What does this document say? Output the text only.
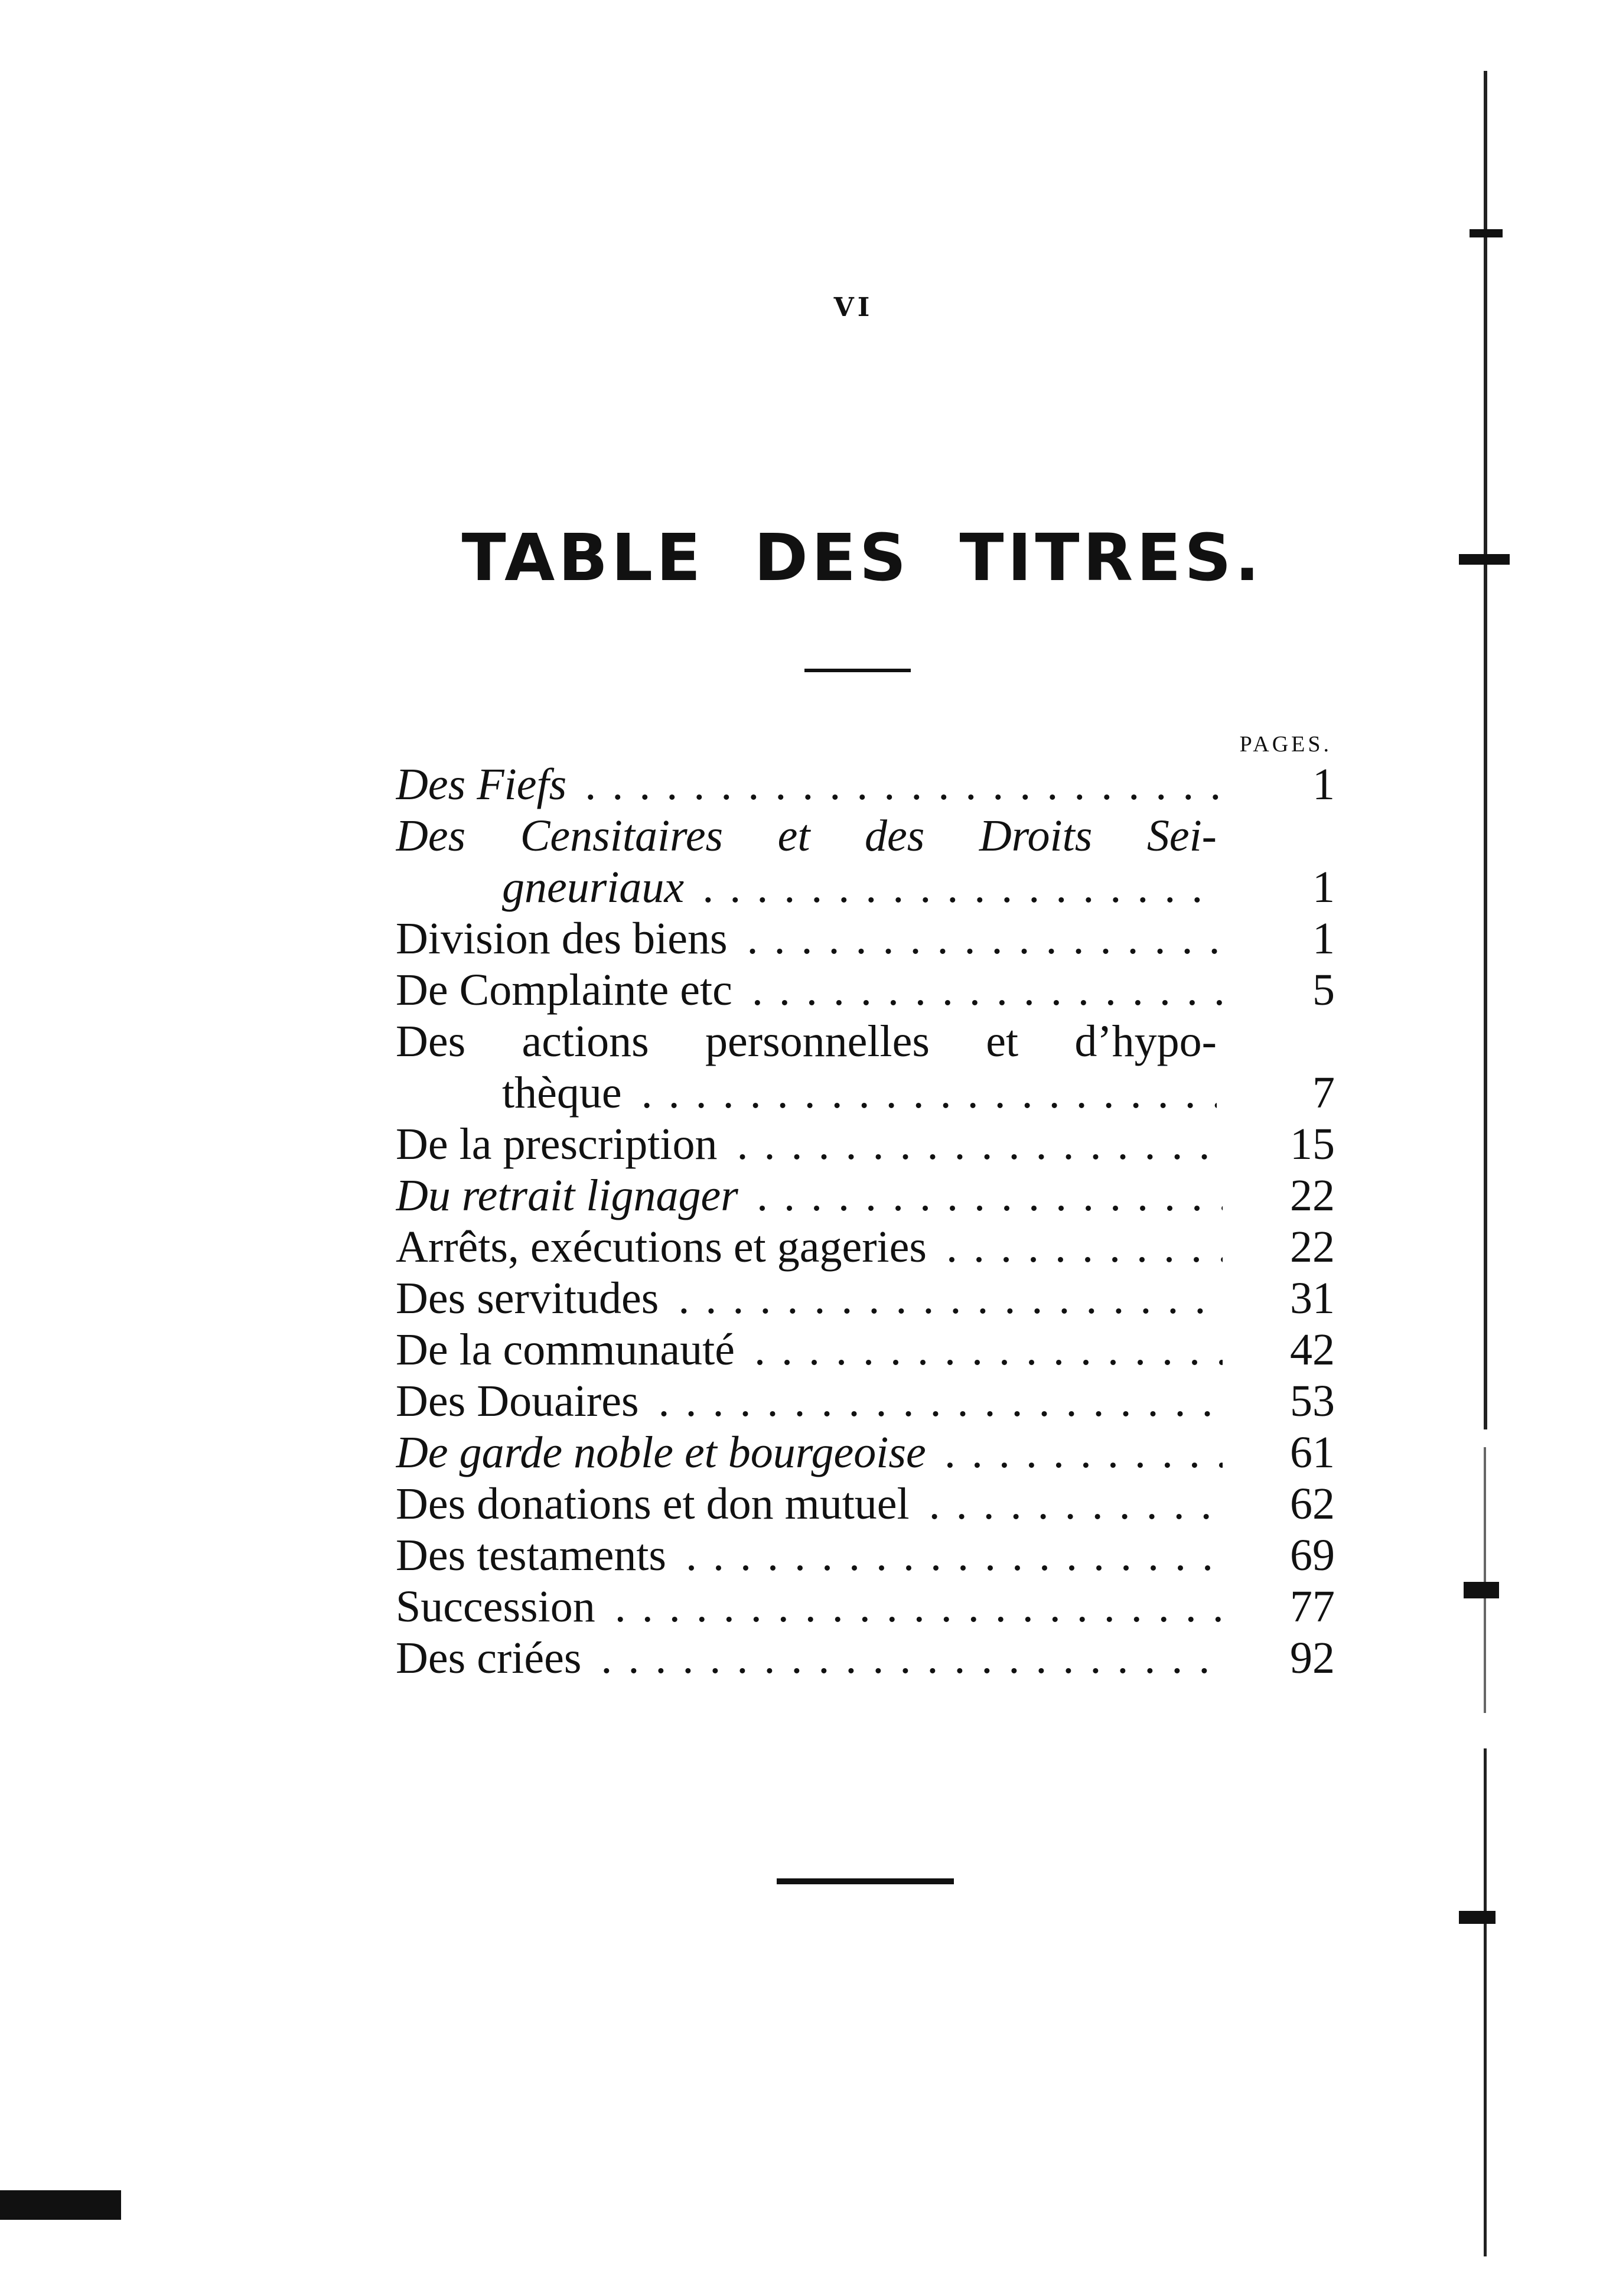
VI
TABLE DES TITRES.
PAGES.
Des Fiefs . . .	1
Des Censitaires et des Droits Sei-
gneuriaux . . .	1
Division des biens . . .	1
De Complainte etc . . .	5
Des actions personnelles et d’hypo-
thèque . . .	7
De la prescription . . .	15
Du retrait lignager . . .	22
Arrêts, exécutions et gageries . . .	22
Des servitudes . . .	31
De la communauté . . .	42
Des Douaires . . .	53
De garde noble et bourgeoise . . .	61
Des donations et don mutuel . . .	62
Des testaments . . .	69
Succession . . .	77
Des criées . . .	92
